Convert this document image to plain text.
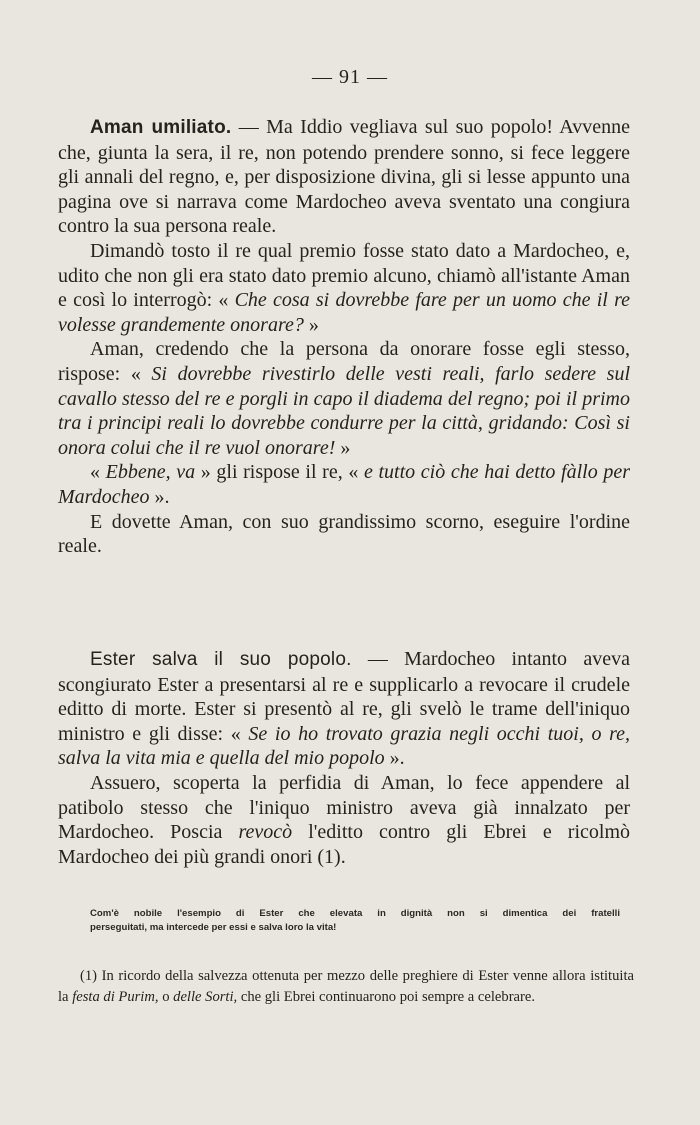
— 91 —

Aman umiliato. — Ma Iddio vegliava sul suo popolo! Avvenne che, giunta la sera, il re, non potendo prendere sonno, si fece leggere gli annali del regno, e, per disposizione divina, gli si lesse appunto una pagina ove si narrava come Mardocheo aveva sventato una congiura contro la sua persona reale.

Dimandò tosto il re qual premio fosse stato dato a Mardocheo, e, udito che non gli era stato dato premio alcuno, chiamò all'istante Aman e così lo interrogò: « Che cosa si dovrebbe fare per un uomo che il re volesse grandemente onorare? »

Aman, credendo che la persona da onorare fosse egli stesso, rispose: « Si dovrebbe rivestirlo delle vesti reali, farlo sedere sul cavallo stesso del re e porgli in capo il diadema del regno; poi il primo tra i principi reali lo dovrebbe condurre per la città, gridando: Così si onora colui che il re vuol onorare! »

« Ebbene, va » gli rispose il re, « e tutto ciò che hai detto fàllo per Mardocheo ».

E dovette Aman, con suo grandissimo scorno, eseguire l'ordine reale.

Ester salva il suo popolo. — Mardocheo intanto aveva scongiurato Ester a presentarsi al re e supplicarlo a revocare il crudele editto di morte. Ester si presentò al re, gli svelò le trame dell'iniquo ministro e gli disse: « Se io ho trovato grazia negli occhi tuoi, o re, salva la vita mia e quella del mio popolo ».

Assuero, scoperta la perfidia di Aman, lo fece appendere al patibolo stesso che l'iniquo ministro aveva già innalzato per Mardocheo. Poscia revocò l'editto contro gli Ebrei e ricolmò Mardocheo dei più grandi onori (1).

Com'è nobile l'esempio di Ester che elevata in dignità non si dimentica dei fratelli

perseguitati, ma intercede per essi e salva loro la vita!

(1) In ricordo della salvezza ottenuta per mezzo delle preghiere di Ester venne allora istituita la festa di Purim, o delle Sorti, che gli Ebrei continuarono poi sempre a celebrare.
